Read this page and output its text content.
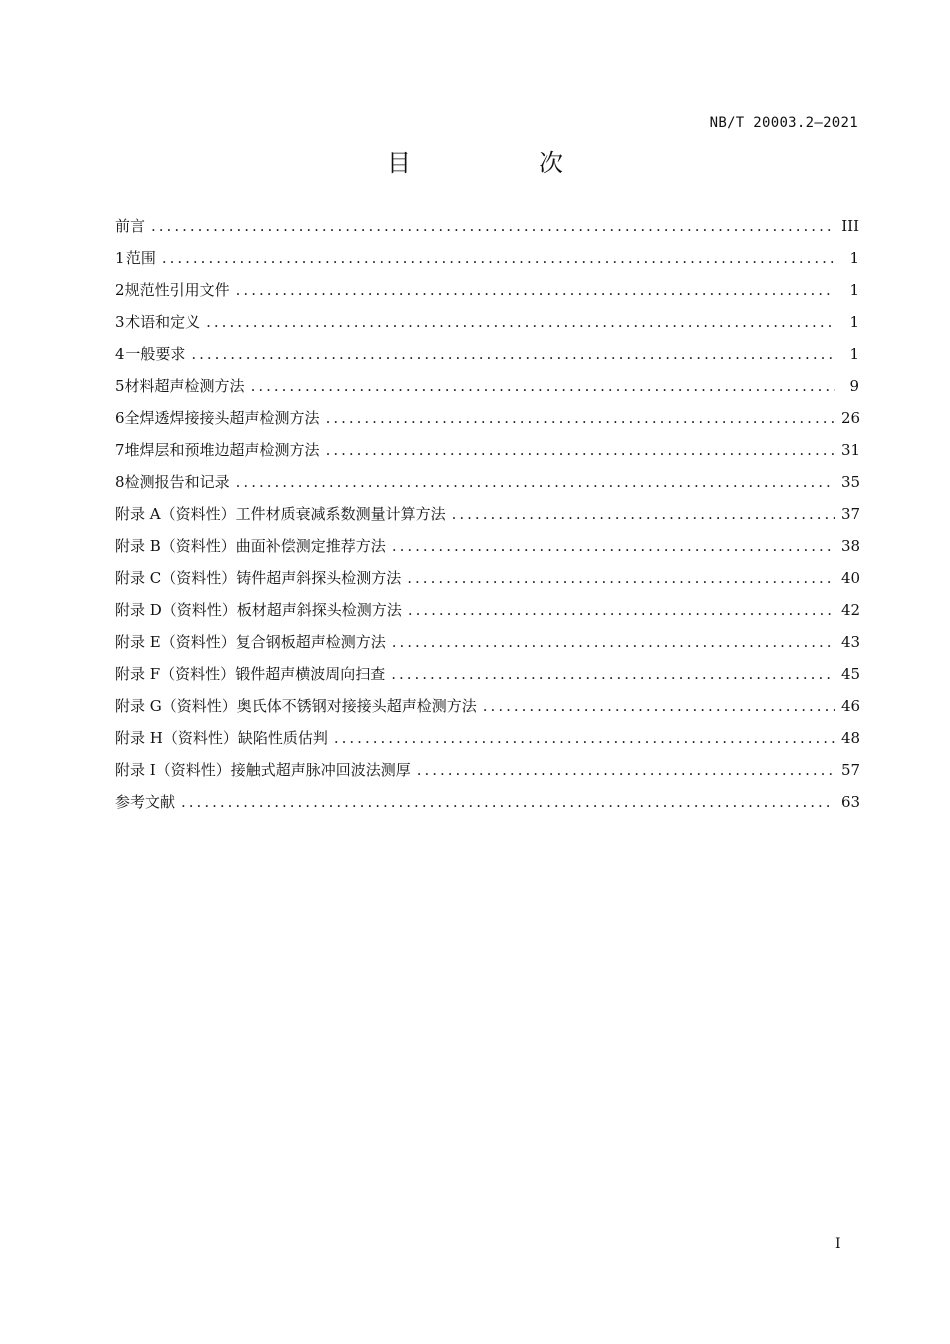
NB/T 20003.2—2021
目　次
前言 .....	III
1 范围 .....	1
2 规范性引用文件 .....	1
3 术语和定义 .....	1
4 一般要求 .....	1
5 材料超声检测方法 .....	9
6 全焊透焊接接头超声检测方法 .....	26
7 堆焊层和预堆边超声检测方法 .....	31
8 检测报告和记录 .....	35
附录 A（资料性） 工件材质衰减系数测量计算方法 .....	37
附录 B（资料性） 曲面补偿测定推荐方法 .....	38
附录 C（资料性） 铸件超声斜探头检测方法 .....	40
附录 D（资料性） 板材超声斜探头检测方法 .....	42
附录 E（资料性） 复合钢板超声检测方法 .....	43
附录 F（资料性） 锻件超声横波周向扫查 .....	45
附录 G（资料性） 奥氏体不锈钢对接接头超声检测方法 .....	46
附录 H（资料性） 缺陷性质估判 .....	48
附录 I（资料性） 接触式超声脉冲回波法测厚 .....	57
参考文献 .....	63
I
